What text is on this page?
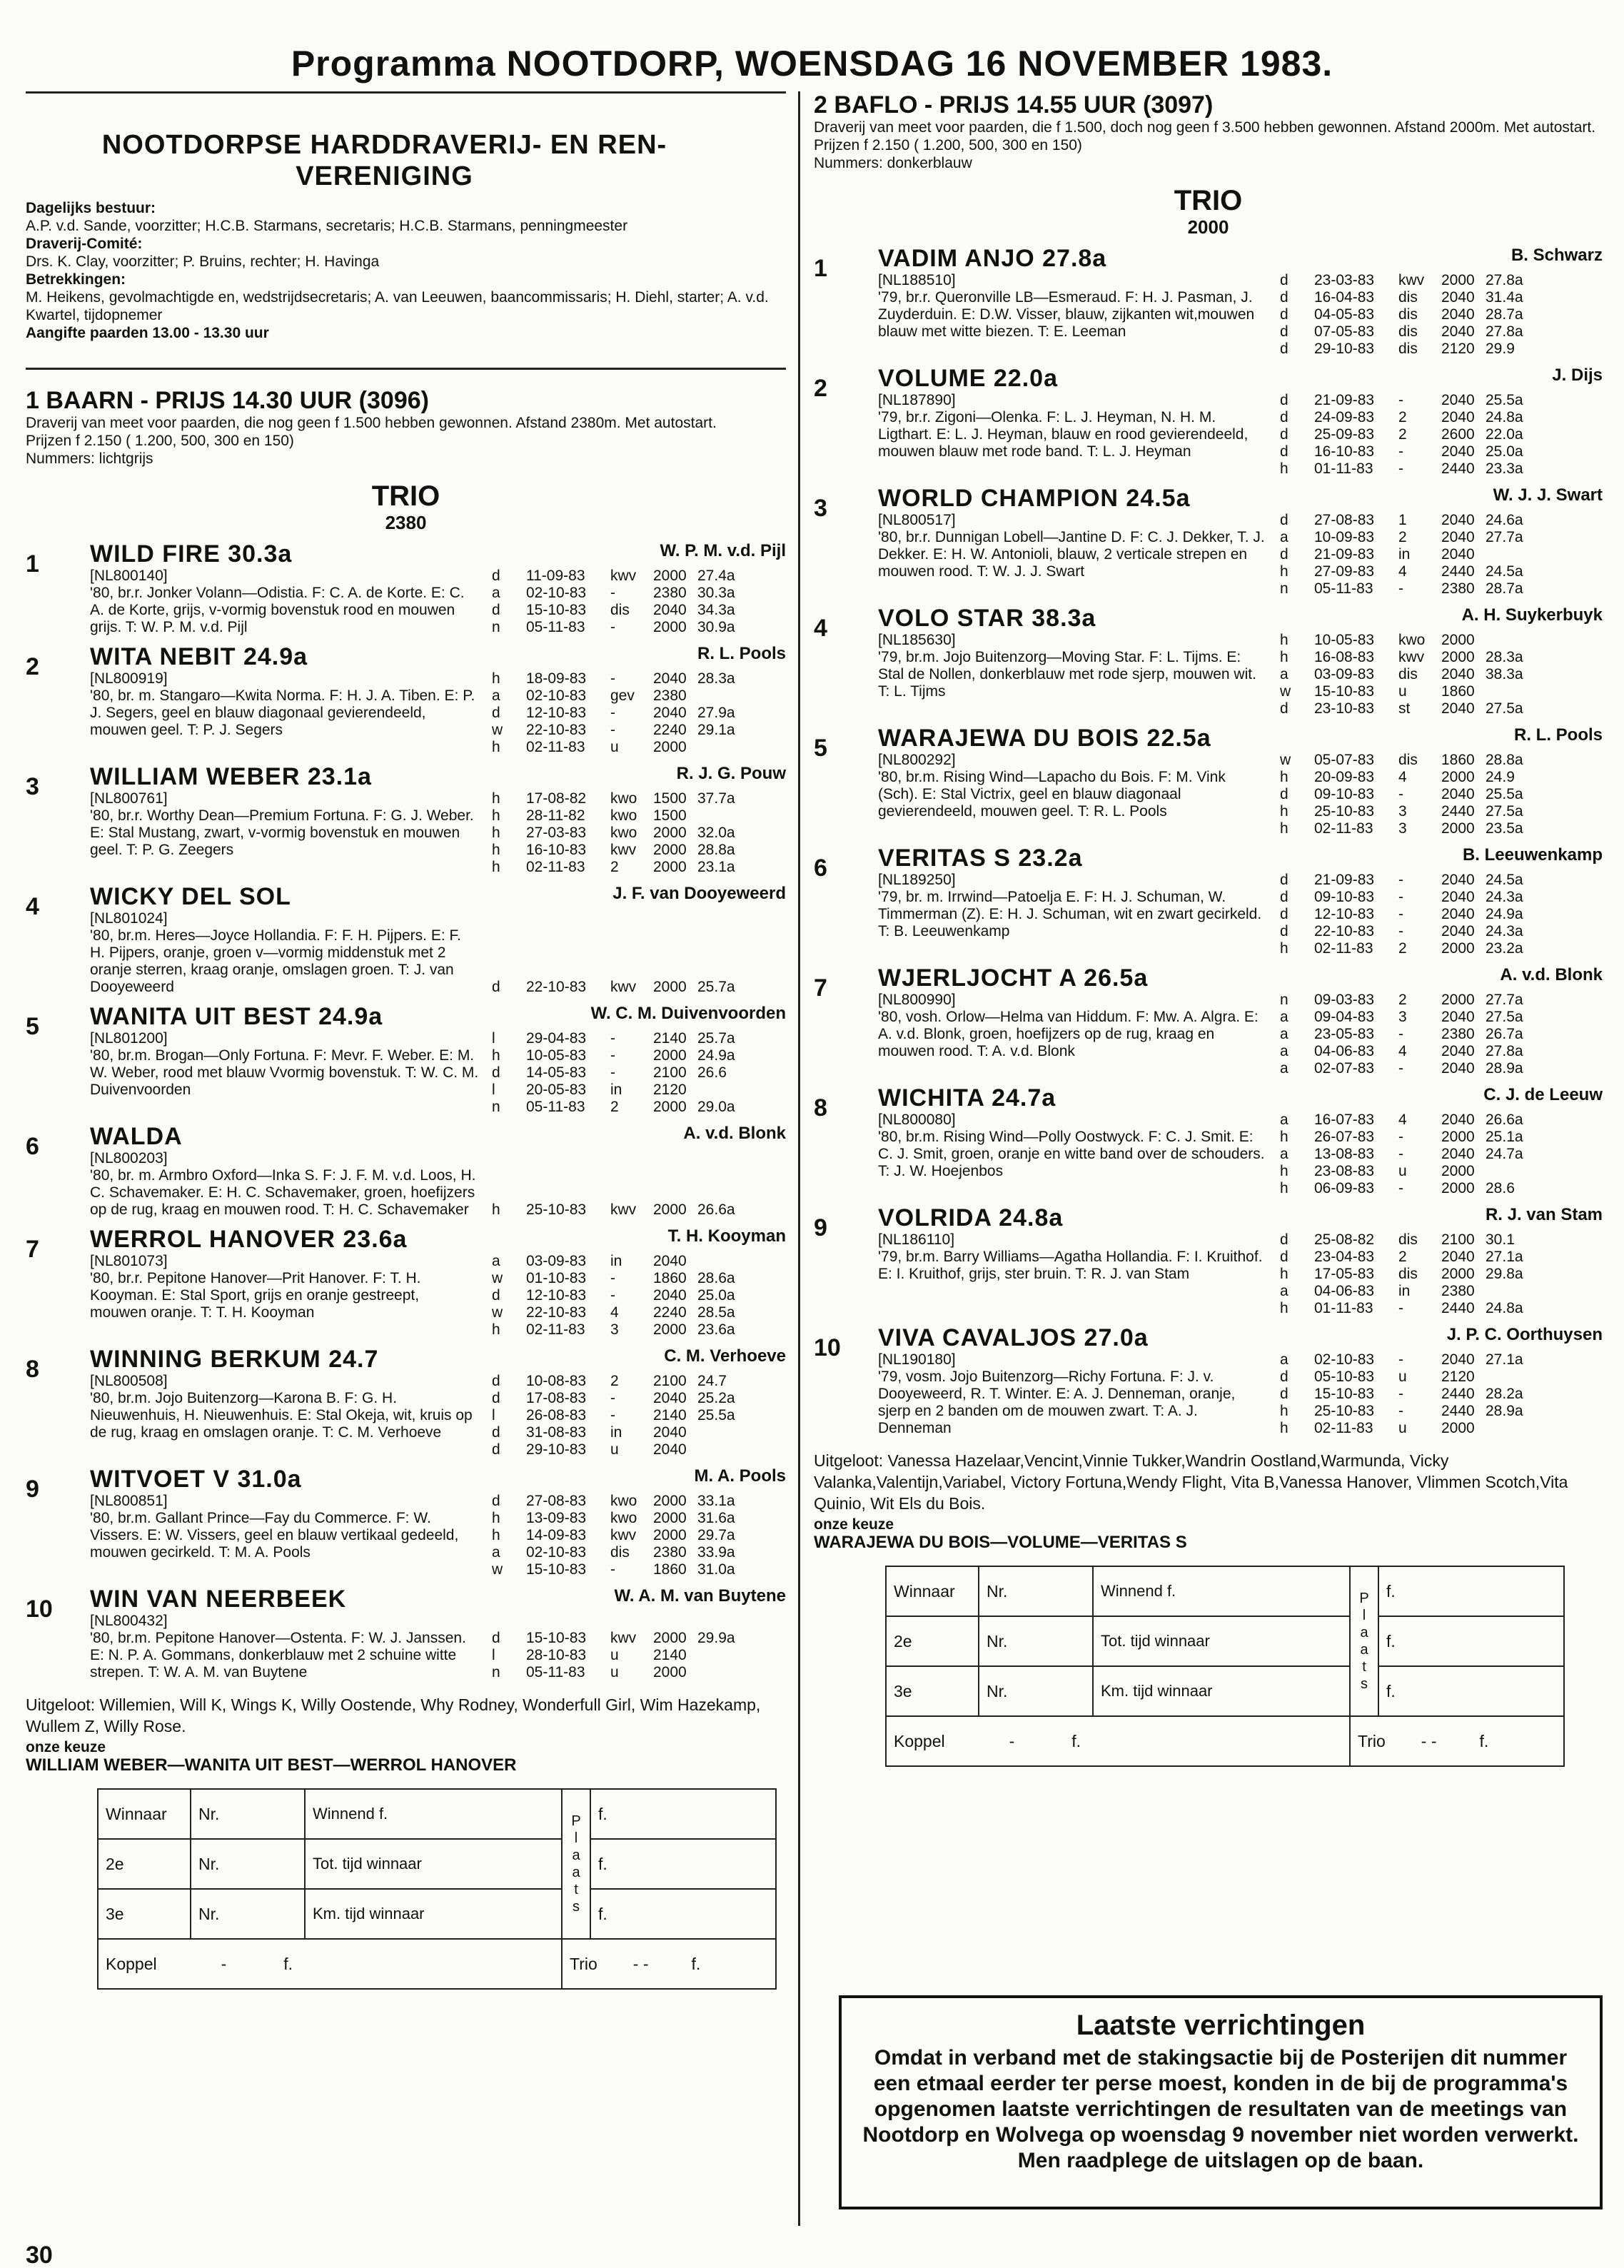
Programma NOOTDORP, WOENSDAG 16 NOVEMBER 1983.
NOOTDORPSE HARDDRAVERIJ- EN REN-VERENIGING
Dagelijks bestuur:
A.P. v.d. Sande, voorzitter; H.C.B. Starmans, secretaris; H.C.B. Starmans, penningmeester
Draverij-Comité:
Drs. K. Clay, voorzitter; P. Bruins, rechter; H. Havinga
Betrekkingen:
M. Heikens, gevolmachtigde en, wedstrijdsecretaris; A. van Leeuwen, baancommissaris; H. Diehl, starter; A. v.d. Kwartel, tijdopnemer
Aangifte paarden 13.00 - 13.30 uur
1 BAARN - PRIJS 14.30 UUR (3096)
Draverij van meet voor paarden, die nog geen f 1.500 hebben gewonnen. Afstand 2380m. Met autostart.
Prijzen f 2.150 ( 1.200, 500, 300 en 150)
Nummers: lichtgrijs
TRIO
2380
1	WILD FIRE 30.3a	W. P. M. v.d. Pijl
[NL800140]
'80, br.r. Jonker Volann—Odistia. F: C. A. de Korte. E: C. A. de Korte, grijs, v-vormig bovenstuk rood en mouwen grijs. T: W. P. M. v.d. Pijl
d	11-09-83	kwv	2000 27.4a
a	02-10-83	-	2380 30.3a
d	15-10-83	dis	2040 34.3a
n	05-11-83	-	2000 30.9a
2	WITA NEBIT 24.9a	R. L. Pools
[NL800919]
'80, br. m. Stangaro—Kwita Norma. F: H. J. A. Tiben. E: P. J. Segers, geel en blauw diagonaal gevierendeeld, mouwen geel. T: P. J. Segers
h	18-09-83	-	2040 28.3a
a	02-10-83	gev	2380
d	12-10-83	-	2040 27.9a
w	22-10-83	-	2240 29.1a
h	02-11-83	u	2000
3	WILLIAM WEBER 23.1a	R. J. G. Pouw
[NL800761]
'80, br.r. Worthy Dean—Premium Fortuna. F: G. J. Weber. E: Stal Mustang, zwart, v-vormig bovenstuk en mouwen geel. T: P. G. Zeegers
h	17-08-82	kwo	1500 37.7a
h	28-11-82	kwo	1500
h	27-03-83	kwo	2000 32.0a
h	16-10-83	kwv	2000 28.8a
h	02-11-83	2	2000 23.1a
4	WICKY DEL SOL	J. F. van Dooyeweerd
[NL801024]
'80, br.m. Heres—Joyce Hollandia. F: F. H. Pijpers. E: F. H. Pijpers, oranje, groen v—vormig middenstuk met 2 oranje sterren, kraag oranje, omslagen groen. T: J. van Dooyeweerd	d	22-10-83	kwv	2000 25.7a
5	WANITA UIT BEST 24.9a	W. C. M. Duivenvoorden
[NL801200]
'80, br.m. Brogan—Only Fortuna. F: Mevr. F. Weber. E: M. W. Weber, rood met blauw Vvormig bovenstuk. T: W. C. M. Duivenvoorden
l	29-04-83	-	2140 25.7a
h	10-05-83	-	2000 24.9a
d	14-05-83	-	2100 26.6
l	20-05-83	in	2120
n	05-11-83	2	2000 29.0a
6	WALDA	A. v.d. Blonk
[NL800203]
'80, br. m. Armbro Oxford—Inka S. F: J. F. M. v.d. Loos, H. C. Schavemaker. E: H. C. Schavemaker, groen, hoefijzers op de rug, kraag en mouwen rood. T: H. C. Schavemaker	h	25-10-83	kwv	2000 26.6a
7	WERROL HANOVER 23.6a	T. H. Kooyman
[NL801073]
'80, br.r. Pepitone Hanover—Prit Hanover. F: T. H. Kooyman. E: Stal Sport, grijs en oranje gestreept, mouwen oranje. T: T. H. Kooyman
a	03-09-83	in	2040
w	01-10-83	-	1860 28.6a
d	12-10-83	-	2040 25.0a
w	22-10-83	4	2240 28.5a
h	02-11-83	3	2000 23.6a
8	WINNING BERKUM 24.7	C. M. Verhoeve
[NL800508]
'80, br.m. Jojo Buitenzorg—Karona B. F: G. H. Nieuwenhuis, H. Nieuwenhuis. E: Stal Okeja, wit, kruis op de rug, kraag en omslagen oranje. T: C. M. Verhoeve
d	10-08-83	2	2100 24.7
d	17-08-83	-	2040 25.2a
l	26-08-83	-	2140 25.5a
d	31-08-83	in	2040
d	29-10-83	u	2040
9	WITVOET V 31.0a	M. A. Pools
[NL800851]
'80, br.m. Gallant Prince—Fay du Commerce. F: W. Vissers. E: W. Vissers, geel en blauw vertikaal gedeeld, mouwen gecirkeld. T: M. A. Pools
d	27-08-83	kwo	2000 33.1a
h	13-09-83	kwo	2000 31.6a
h	14-09-83	kwv	2000 29.7a
a	02-10-83	dis	2380 33.9a
w	15-10-83	-	1860 31.0a
10	WIN VAN NEERBEEK	W. A. M. van Buytene
[NL800432]
'80, br.m. Pepitone Hanover—Ostenta. F: W. J. Janssen. E: N. P. A. Gommans, donkerblauw met 2 schuine witte strepen. T: W. A. M. van Buytene
d	15-10-83	kwv	2000 29.9a
l	28-10-83	u	2140
n	05-11-83	u	2000
Uitgeloot: Willemien, Will K, Wings K, Willy Oostende, Why Rodney, Wonderfull Girl, Wim Hazekamp, Wullem Z, Willy Rose.
onze keuze
WILLIAM WEBER—WANITA UIT BEST—WERROL HANOVER
Winnaar	Nr.	Winnend f.	P l a a t s	f.
2e	Nr.	Tot. tijd winnaar		f.
3e	Nr.	Km. tijd winnaar		f.
Koppel - f.			Trio - - f.	
2 BAFLO - PRIJS 14.55 UUR (3097)
Draverij van meet voor paarden, die f 1.500, doch nog geen f 3.500 hebben gewonnen. Afstand 2000m. Met autostart.
Prijzen f 2.150 ( 1.200, 500, 300 en 150)
Nummers: donkerblauw
TRIO
2000
1	VADIM ANJO 27.8a	B. Schwarz
[NL188510]
'79, br.r. Queronville LB—Esmeraud. F: H. J. Pasman, J. Zuyderduin. E: D.W. Visser, blauw, zijkanten wit,mouwen blauw met witte biezen. T: E. Leeman
d	23-03-83	kwv	2000 27.8a
d	16-04-83	dis	2040 31.4a
d	04-05-83	dis	2040 28.7a
d	07-05-83	dis	2040 27.8a
d	29-10-83	dis	2120 29.9
2	VOLUME 22.0a	J. Dijs
[NL187890]
'79, br.r. Zigoni—Olenka. F: L. J. Heyman, N. H. M. Ligthart. E: L. J. Heyman, blauw en rood gevierendeeld, mouwen blauw met rode band. T: L. J. Heyman
d	21-09-83	-	2040 25.5a
d	24-09-83	2	2040 24.8a
d	25-09-83	2	2600 22.0a
d	16-10-83	-	2040 25.0a
h	01-11-83	-	2440 23.3a
3	WORLD CHAMPION 24.5a	W. J. J. Swart
[NL800517]
'80, br.r. Dunnigan Lobell—Jantine D. F: C. J. Dekker, T. J. Dekker. E: H. W. Antonioli, blauw, 2 verticale strepen en mouwen rood. T: W. J. J. Swart
d	27-08-83	1	2040 24.6a
a	10-09-83	2	2040 27.7a
d	21-09-83	in	2040
h	27-09-83	4	2440 24.5a
n	05-11-83	-	2380 28.7a
4	VOLO STAR 38.3a	A. H. Suykerbuyk
[NL185630]
'79, br.m. Jojo Buitenzorg—Moving Star. F: L. Tijms. E: Stal de Nollen, donkerblauw met rode sjerp, mouwen wit. T: L. Tijms
h	10-05-83	kwo	2000
h	16-08-83	kwv	2000 28.3a
a	03-09-83	dis	2040 38.3a
w	15-10-83	u	1860
d	23-10-83	st	2040 27.5a
5	WARAJEWA DU BOIS 22.5a	R. L. Pools
[NL800292]
'80, br.m. Rising Wind—Lapacho du Bois. F: M. Vink (Sch). E: Stal Victrix, geel en blauw diagonaal gevierendeeld, mouwen geel. T: R. L. Pools
w	05-07-83	dis	1860 28.8a
h	20-09-83	4	2000 24.9
d	09-10-83	-	2040 25.5a
h	25-10-83	3	2440 27.5a
h	02-11-83	3	2000 23.5a
6	VERITAS S 23.2a	B. Leeuwenkamp
[NL189250]
'79, br. m. Irrwind—Patoelja E. F: H. J. Schuman, W. Timmerman (Z). E: H. J. Schuman, wit en zwart gecirkeld. T: B. Leeuwenkamp
d	21-09-83	-	2040 24.5a
d	09-10-83	-	2040 24.3a
d	12-10-83	-	2040 24.9a
d	22-10-83	-	2040 24.3a
h	02-11-83	2	2000 23.2a
7	WJERLJOCHT A 26.5a	A. v.d. Blonk
[NL800990]
'80, vosh. Orlow—Helma van Hiddum. F: Mw. A. Algra. E: A. v.d. Blonk, groen, hoefijzers op de rug, kraag en mouwen rood. T: A. v.d. Blonk
n	09-03-83	2	2000 27.7a
a	09-04-83	3	2040 27.5a
a	23-05-83	-	2380 26.7a
a	04-06-83	4	2040 27.8a
a	02-07-83	-	2040 28.9a
8	WICHITA 24.7a	C. J. de Leeuw
[NL800080]
'80, br.m. Rising Wind—Polly Oostwyck. F: C. J. Smit. E: C. J. Smit, groen, oranje en witte band over de schouders. T: J. W. Hoejenbos
a	16-07-83	4	2040 26.6a
h	26-07-83	-	2000 25.1a
a	13-08-83	-	2040 24.7a
h	23-08-83	u	2000
h	06-09-83	-	2000 28.6
9	VOLRIDA 24.8a	R. J. van Stam
[NL186110]
'79, br.m. Barry Williams—Agatha Hollandia. F: I. Kruithof. E: I. Kruithof, grijs, ster bruin. T: R. J. van Stam
d	25-08-82	dis	2100 30.1
d	23-04-83	2	2040 27.1a
h	17-05-83	dis	2000 29.8a
a	04-06-83	in	2380
h	01-11-83	-	2440 24.8a
10	VIVA CAVALJOS 27.0a	J. P. C. Oorthuysen
[NL190180]
'79, vosm. Jojo Buitenzorg—Richy Fortuna. F: J. v. Dooyeweerd, R. T. Winter. E: A. J. Denneman, oranje, sjerp en 2 banden om de mouwen zwart. T: A. J. Denneman
a	02-10-83	-	2040 27.1a
d	05-10-83	u	2120
d	15-10-83	-	2440 28.2a
h	25-10-83	-	2440 28.9a
h	02-11-83	u	2000
Uitgeloot: Vanessa Hazelaar,Vencint,Vinnie Tukker,Wandrin Oostland,Warmunda, Vicky Valanka,Valentijn,Variabel, Victory Fortuna,Wendy Flight, Vita B,Vanessa Hanover, Vlimmen Scotch,Vita Quinio, Wit Els du Bois.
onze keuze
WARAJEWA DU BOIS—VOLUME—VERITAS S
Winnaar	Nr.	Winnend f.	P l a a t s	f.
2e	Nr.	Tot. tijd winnaar		f.
3e	Nr.	Km. tijd winnaar		f.
Koppel - f.			Trio - - f.	
Laatste verrichtingen

Omdat in verband met de stakingsactie bij de Posterijen dit nummer een etmaal eerder ter perse moest, konden in de bij de programma's opgenomen laatste verrichtingen de resultaten van de meetings van Nootdorp en Wolvega op woensdag 9 november niet worden verwerkt. Men raadplege de uitslagen op de baan.

30
